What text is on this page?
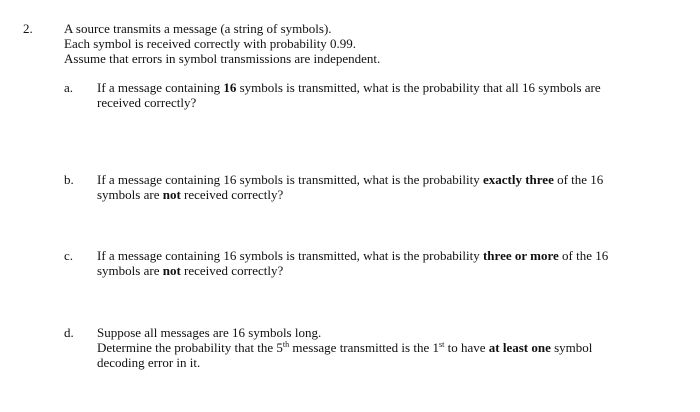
2. A source transmits a message (a string of symbols).
Each symbol is received correctly with probability 0.99.
Assume that errors in symbol transmissions are independent.
a. If a message containing 16 symbols is transmitted, what is the probability that all 16 symbols are
received correctly?
b. If a message containing 16 symbols is transmitted, what is the probability exactly three of the 16
symbols are not received correctly?
c. If a message containing 16 symbols is transmitted, what is the probability three or more of the 16
symbols are not received correctly?
d. Suppose all messages are 16 symbols long.
Determine the probability that the 5th message transmitted is the 1st to have at least one symbol
decoding error in it.
